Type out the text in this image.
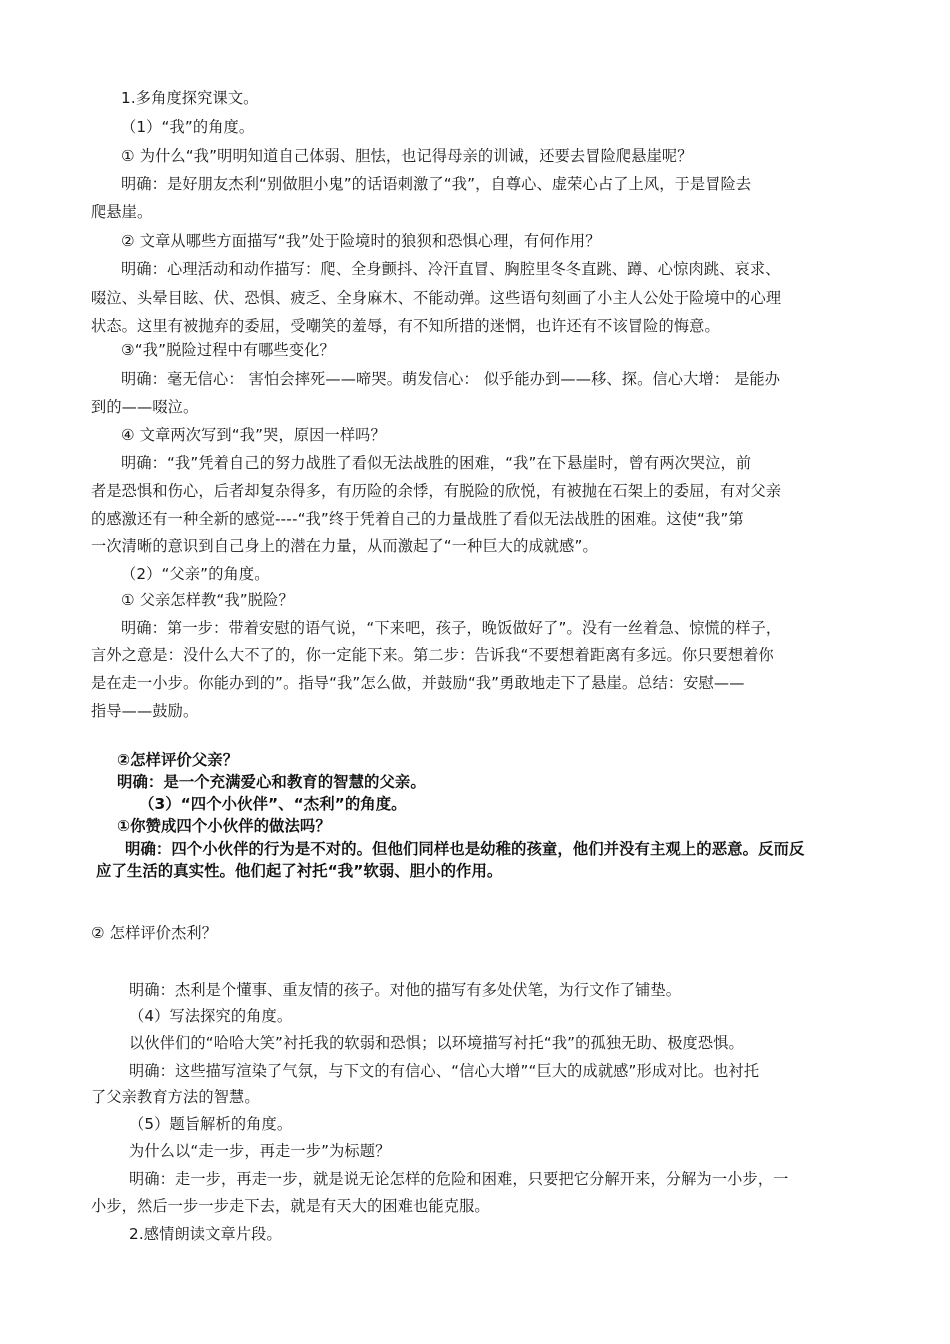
1.多角度探究课文。
（1）“我”的角度。
① 为什么“我”明明知道自己体弱、胆怯，也记得母亲的训诫，还要去冒险爬悬崖呢？
明确：是好朋友杰利“别做胆小鬼”的话语刺激了“我”，自尊心、虚荣心占了上风，于是冒险去
爬悬崖。
② 文章从哪些方面描写“我”处于险境时的狼狈和恐惧心理，有何作用？
明确：心理活动和动作描写：爬、全身颤抖、冷汗直冒、胸腔里冬冬直跳、蹲、心惊肉跳、哀求、
啜泣、头晕目眩、伏、恐惧、疲乏、全身麻木、不能动弹。这些语句刻画了小主人公处于险境中的心理
状态。这里有被抛弃的委屈，受嘲笑的羞辱，有不知所措的迷惘，也许还有不该冒险的悔意。
③“我”脱险过程中有哪些变化？
明确：毫无信心： 害怕会摔死——啼哭。萌发信心： 似乎能办到——移、探。信心大增： 是能办
到的——啜泣。
④ 文章两次写到“我”哭，原因一样吗？
明确：“我”凭着自己的努力战胜了看似无法战胜的困难，“我”在下悬崖时，曾有两次哭泣，前
者是恐惧和伤心，后者却复杂得多，有历险的余悸，有脱险的欣悦，有被抛在石架上的委屈，有对父亲
的感激还有一种全新的感觉----“我”终于凭着自己的力量战胜了看似无法战胜的困难。这使“我”第
一次清晰的意识到自己身上的潜在力量，从而激起了“一种巨大的成就感”。
（2）“父亲”的角度。
① 父亲怎样教“我”脱险？
明确：第一步：带着安慰的语气说，“下来吧，孩子，晚饭做好了”。没有一丝着急、惊慌的样子，
言外之意是：没什么大不了的，你一定能下来。第二步：告诉我“不要想着距离有多远。你只要想着你
是在走一小步。你能办到的”。指导“我”怎么做，并鼓励“我”勇敢地走下了悬崖。总结：安慰——
指导——鼓励。
②怎样评价父亲？
明确：是一个充满爱心和教育的智慧的父亲。
（3）“四个小伙伴”、“杰利”的角度。
①你赞成四个小伙伴的做法吗？
明确：四个小伙伴的行为是不对的。但他们同样也是幼稚的孩童，他们并没有主观上的恶意。反而反
应了生活的真实性。他们起了衬托“我”软弱、胆小的作用。
② 怎样评价杰利？
明确：杰利是个懂事、重友情的孩子。对他的描写有多处伏笔，为行文作了铺垫。
（4）写法探究的角度。
以伙伴们的“哈哈大笑”衬托我的软弱和恐惧；以环境描写衬托“我”的孤独无助、极度恐惧。
明确：这些描写渲染了气氛，与下文的有信心、“信心大增”“巨大的成就感”形成对比。也衬托
了父亲教育方法的智慧。
（5）题旨解析的角度。
为什么以“走一步，再走一步”为标题？
明确：走一步，再走一步，就是说无论怎样的危险和困难，只要把它分解开来，分解为一小步，一
小步，然后一步一步走下去，就是有天大的困难也能克服。
2.感情朗读文章片段。
